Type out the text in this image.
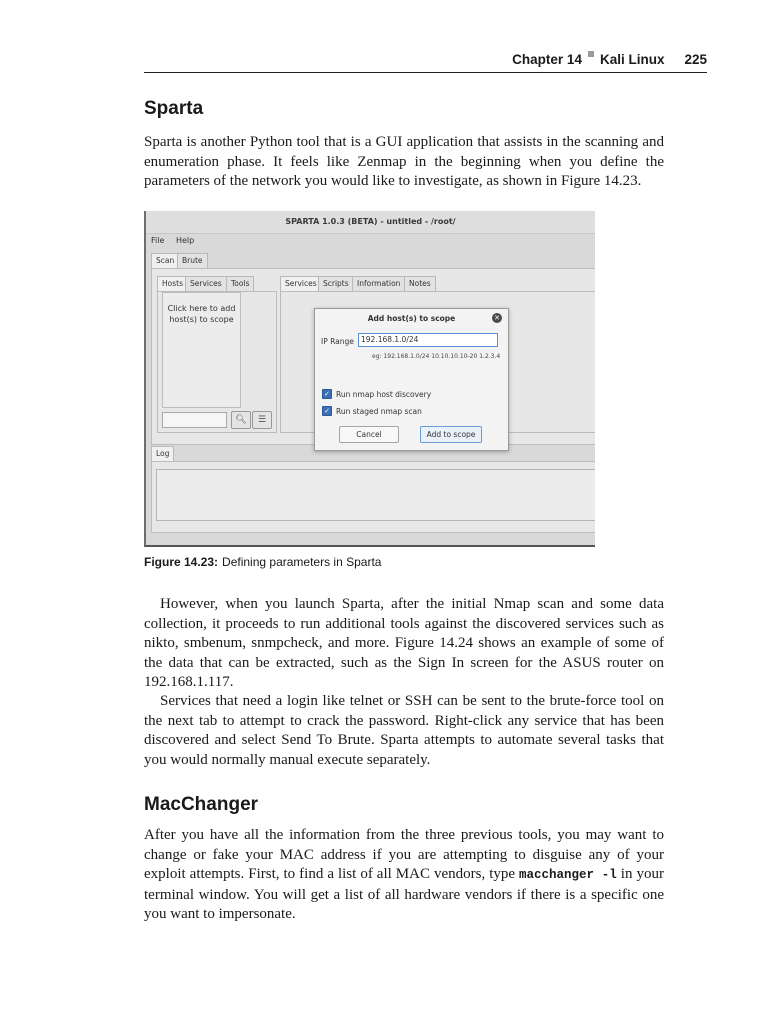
Chapter 14 Kali Linux 225
Sparta

Sparta is another Python tool that is a GUI application that assists in the scanning and enumeration phase. It feels like Zenmap in the beginning when you define the parameters of the network you would like to investigate, as shown in Figure 14.23.

SPARTA 1.0.3 (BETA) - untitled - /root/
File Help
Scan	Brute
Hosts Services	Tools
Click here to add host(s) to scope
🔍︎	☰
Services Scripts	Information	Notes
Log
Add host(s) to scope	✕
IP Range 192.168.1.0/24
eg: 192.168.1.0/24 10.10.10.10-20 1.2.3.4
✓ Run nmap host discovery
✓ Run staged nmap scan
Cancel	Add to scope
Figure 14.23: Defining parameters in Sparta

However, when you launch Sparta, after the initial Nmap scan and some data collection, it proceeds to run additional tools against the discovered services such as nikto, smbenum, snmpcheck, and more. Figure 14.24 shows an example of some of the data that can be extracted, such as the Sign In screen for the ASUS router on 192.168.1.117.

Services that need a login like telnet or SSH can be sent to the brute-force tool on the next tab to attempt to crack the password. Right-click any service that has been discovered and select Send To Brute. Sparta attempts to automate several tasks that you would normally manual execute separately.

MacChanger

After you have all the information from the three previous tools, you may want to change or fake your MAC address if you are attempting to disguise any of your exploit attempts. First, to find a list of all MAC vendors, type macchanger -l in your terminal window. You will get a list of all hardware vendors if there is a specific one you want to impersonate.
